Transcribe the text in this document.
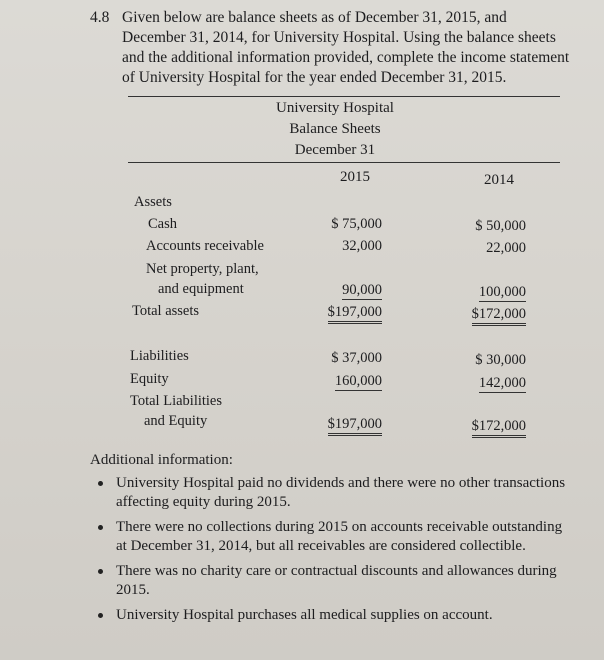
4.8 Given below are balance sheets as of December 31, 2015, and December 31, 2014, for University Hospital. Using the balance sheets and the additional information provided, complete the income statement of University Hospital for the year ended December 31, 2015.
University Hospital
Balance Sheets
December 31
2015	2014
Assets
Cash	$ 75,000	$ 50,000
Accounts receivable	32,000	22,000
Net property, plant,
and equipment	90,000	100,000
Total assets	$197,000	$172,000
Liabilities	$ 37,000	$ 30,000
Equity	160,000	142,000
Total Liabilities
and Equity	$197,000	$172,000
Additional information:
University Hospital paid no dividends and there were no other transactions affecting equity during 2015.
There were no collections during 2015 on accounts receivable outstanding at December 31, 2014, but all receivables are considered collectible.
There was no charity care or contractual discounts and allowances during 2015.
University Hospital purchases all medical supplies on account.
